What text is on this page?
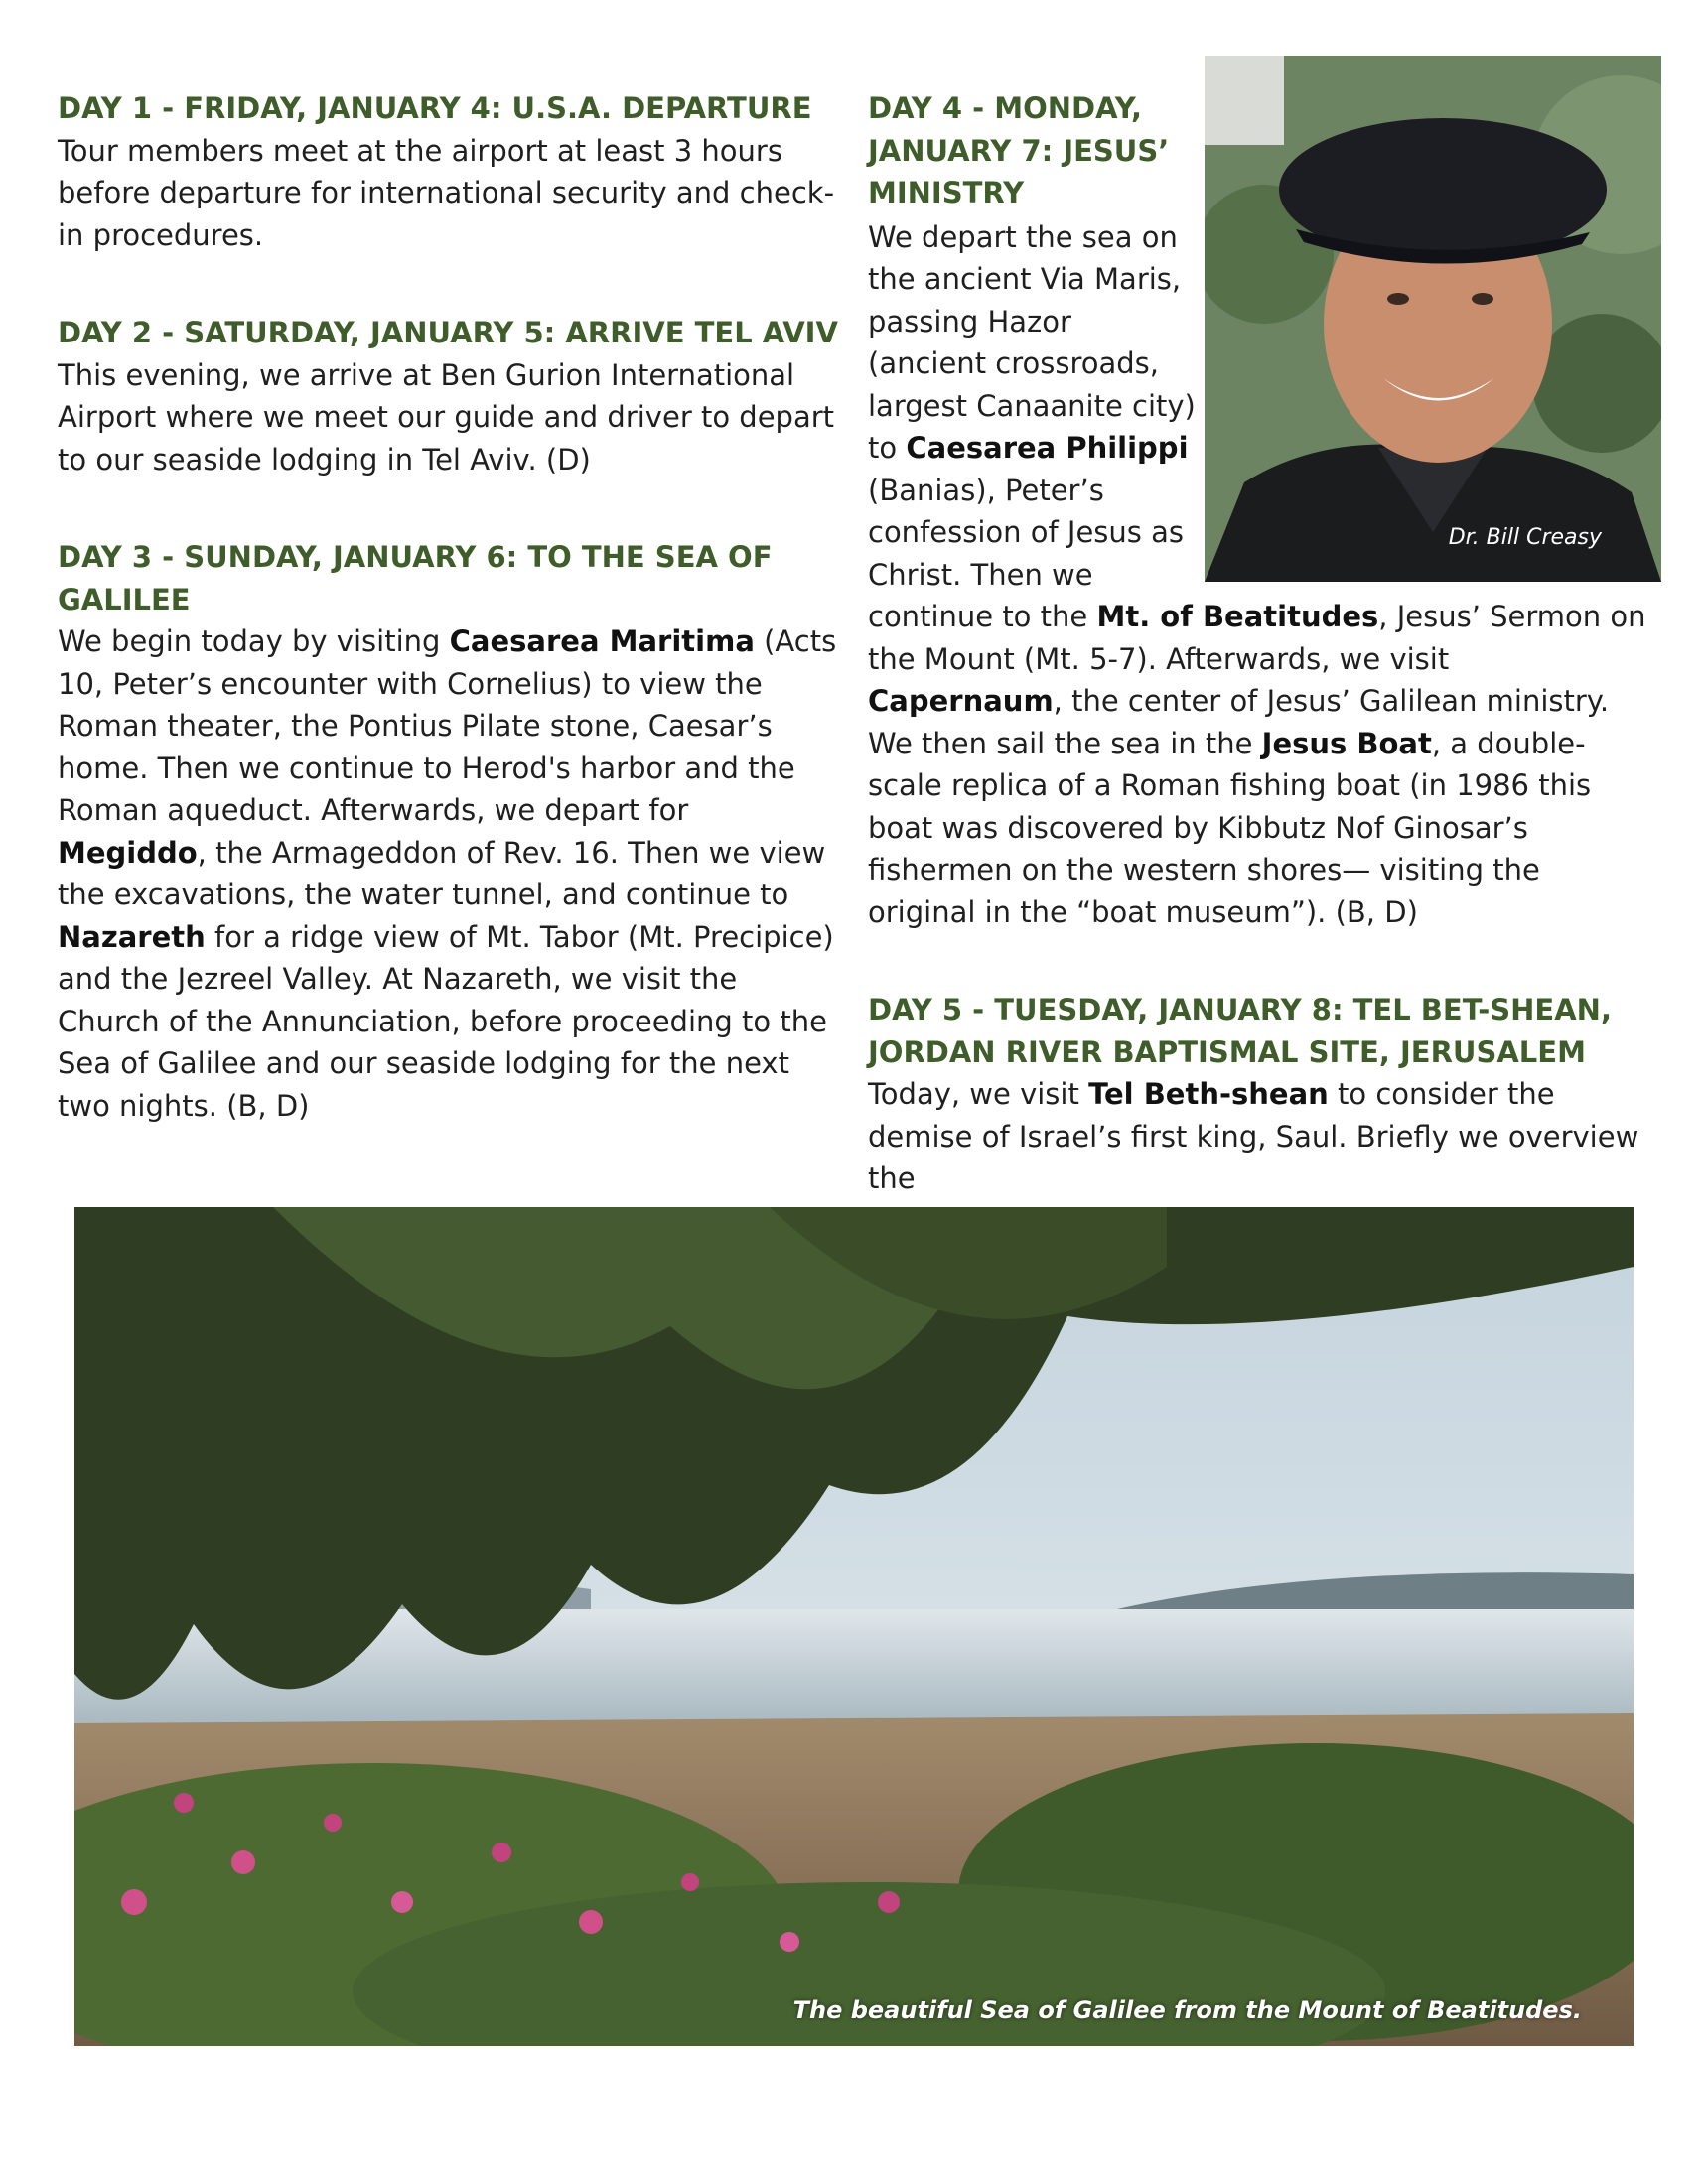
DAY 1 - FRIDAY, JANUARY 4: U.S.A. DEPARTURE
Tour members meet at the airport at least 3 hours before departure for international security and check-in procedures.
DAY 2 - SATURDAY, JANUARY 5: ARRIVE TEL AVIV This evening, we arrive at Ben Gurion International Airport where we meet our guide and driver to depart to our seaside lodging in Tel Aviv. (D)
DAY 3 - SUNDAY, JANUARY 6: TO THE SEA OF GALILEE
We begin today by visiting Caesarea Maritima (Acts 10, Peter’s encounter with Cornelius) to view the Roman theater, the Pontius Pilate stone, Caesar’s home. Then we continue to Herod's harbor and the Roman aqueduct. Afterwards, we depart for Megiddo, the Armageddon of Rev. 16. Then we view the excavations, the water tunnel, and continue to Nazareth for a ridge view of Mt. Tabor (Mt. Precipice) and the Jezreel Valley. At Nazareth, we visit the Church of the Annunciation, before proceeding to the Sea of Galilee and our seaside lodging for the next two nights. (B, D)
Dr. Bill Creasy
DAY 4 - MONDAY, JANUARY 7: JESUS’ MINISTRY
We depart the sea on the ancient Via Maris, passing Hazor (ancient crossroads, largest Canaanite city) to Caesarea Philippi (Banias), Peter’s confession of Jesus as Christ. Then we
continue to the Mt. of Beatitudes, Jesus’ Sermon on the Mount (Mt. 5-7). Afterwards, we visit Capernaum, the center of Jesus’ Galilean ministry. We then sail the sea in the Jesus Boat, a double-scale replica of a Roman fishing boat (in 1986 this boat was discovered by Kibbutz Nof Ginosar’s fishermen on the western shores— visiting the original in the “boat museum”). (B, D)
DAY 5 - TUESDAY, JANUARY 8: TEL BET-SHEAN, JORDAN RIVER BAPTISMAL SITE, JERUSALEM
Today, we visit Tel Beth-shean to consider the demise of Israel’s first king, Saul. Briefly we overview the
The beautiful Sea of Galilee from the Mount of Beatitudes.
